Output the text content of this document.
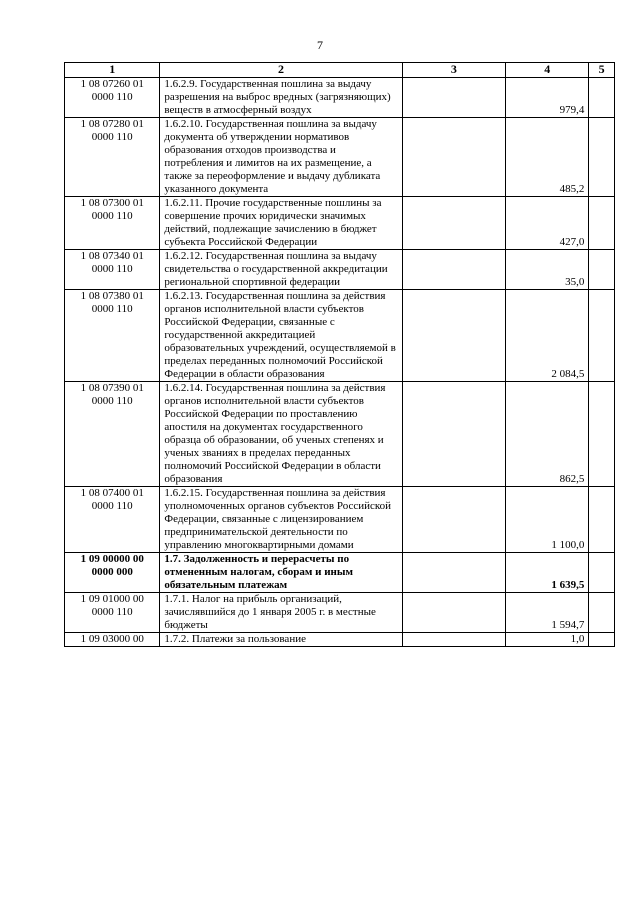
7
1	2	3	4	5
1 08 07260 01 0000 110	1.6.2.9. Государственная пошлина за выдачу разрешения на выброс вредных (загрязняющих) веществ в атмосферный воздух		979,4	
1 08 07280 01 0000 110	1.6.2.10. Государственная пошлина за выдачу документа об утверждении нормативов образования отходов производства и потребления и лимитов на их размещение, а также за переоформление и выдачу дубликата указанного документа		485,2	
1 08 07300 01 0000 110	1.6.2.11. Прочие государственные пошлины за совершение прочих юридически значимых действий, подлежащие зачислению в бюджет субъекта Российской Федерации		427,0	
1 08 07340 01 0000 110	1.6.2.12. Государственная пошлина за выдачу свидетельства о государственной аккредитации региональной спортивной федерации		35,0	
1 08 07380 01 0000 110	1.6.2.13. Государственная пошлина за действия органов исполнительной власти субъектов Российской Федерации, связанные с государственной аккредитацией образовательных учреждений, осуществляемой в пределах переданных полномочий Российской Федерации в области образования		2 084,5	
1 08 07390 01 0000 110	1.6.2.14. Государственная пошлина за действия органов исполнительной власти субъектов Российской Федерации по проставлению апостиля на документах государственного образца об образовании, об ученых степенях и ученых званиях в пределах переданных полномочий Российской Федерации в области образования		862,5	
1 08 07400 01 0000 110	1.6.2.15. Государственная пошлина за действия уполномоченных органов субъектов Российской Федерации, связанные с лицензированием предпринимательской деятельности по управлению многоквартирными домами		1 100,0	
1 09 00000 00 0000 000	1.7. Задолженность и перерасчеты по отмененным налогам, сборам и иным обязательным платежам		1 639,5	
1 09 01000 00 0000 110	1.7.1. Налог на прибыль организаций, зачислявшийся до 1 января 2005 г. в местные бюджеты		1 594,7	
1 09 03000 00	1.7.2. Платежи за пользование		1,0	
